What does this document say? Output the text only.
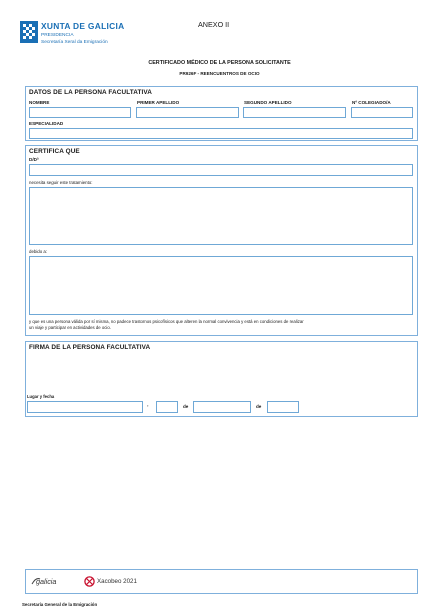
XUNTA DE GALICIA
PRESIDENCIA
Secretaría Xeral da Emigración
ANEXO II
CERTIFICADO MÉDICO DE LA PERSONA SOLICITANTE
PR926F - REENCUENTROS DE OCIO
DATOS DE LA PERSONA FACULTATIVA
NOMBRE	PRIMER APELLIDO	SEGUNDO APELLIDO	Nº COLEGIADO/A
ESPECIALIDAD
CERTIFICA QUE
D/Dª
necesita seguir este tratamiento:
debido a:
y que es una persona válida por sí misma, no padece trastornos psicofísicos que alteren la normal convivencia y está en condiciones de realizar
un viaje y participar en actividades de ocio.
FIRMA DE LA PERSONA FACULTATIVA
Lugar y fecha
,	de	de
galicia	Xacobeo 2021
Secretaría General de la Emigración
